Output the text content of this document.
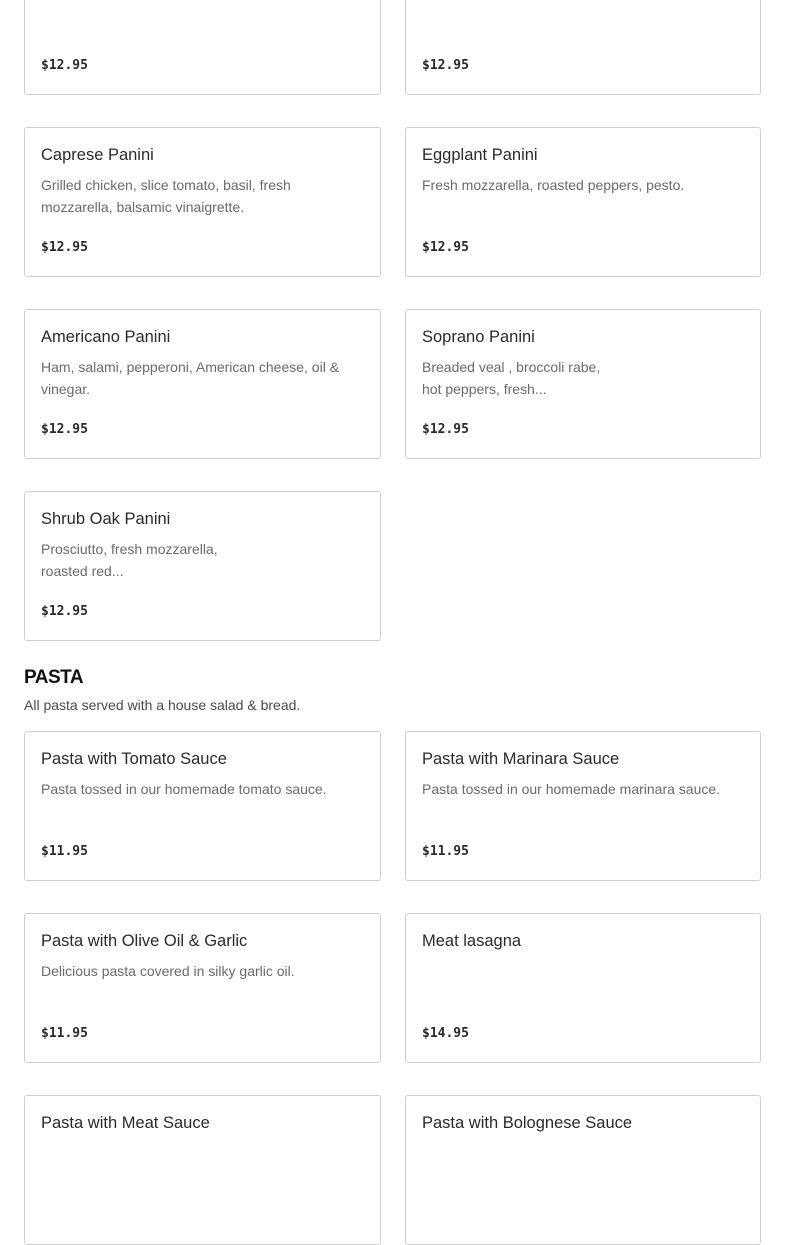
$12.95	$12.95
Caprese Panini
Grilled chicken, slice tomato, basil, fresh mozzarella, balsamic vinaigrette.
$12.95
Eggplant Panini
Fresh mozzarella, roasted peppers, pesto.
$12.95
Americano Panini
Ham, salami, pepperoni, American cheese, oil & vinegar.
$12.95
Soprano Panini
Breaded veal , broccoli rabe, hot peppers, fresh...
$12.95
Shrub Oak Panini
Prosciutto, fresh mozzarella, roasted red...
$12.95
PASTA
All pasta served with a house salad & bread.
Pasta with Tomato Sauce
Pasta tossed in our homemade tomato sauce.
$11.95
Pasta with Marinara Sauce
Pasta tossed in our homemade marinara sauce.
$11.95
Pasta with Olive Oil & Garlic
Delicious pasta covered in silky garlic oil.
$11.95
Meat lasagna
$14.95
Pasta with Meat Sauce	Pasta with Bolognese Sauce
